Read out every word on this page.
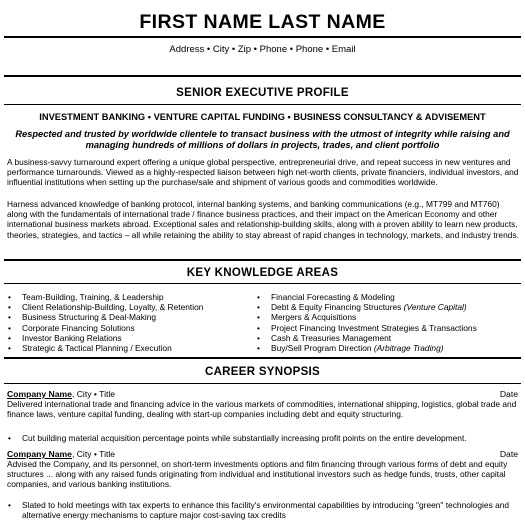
FIRST NAME LAST NAME
Address • City • Zip • Phone • Phone • Email
SENIOR EXECUTIVE PROFILE
INVESTMENT BANKING • VENTURE CAPITAL FUNDING • BUSINESS CONSULTANCY & ADVISEMENT
Respected and trusted by worldwide clientele to transact business with the utmost of integrity while raising and managing hundreds of millions of dollars in projects, trades, and client portfolio

A business-savvy turnaround expert offering a unique global perspective, entrepreneurial drive, and repeat success in new ventures and performance turnarounds. Viewed as a highly-respected liaison between high net-worth clients, private financiers, individual investors, and influential institutions when setting up the purchase/sale and shipment of various goods and commodities worldwide.

Harness advanced knowledge of banking protocol, internal banking systems, and banking communications (e.g., MT799 and MT760) along with the fundamentals of international trade / finance business practices, and their impact on the American Economy and other international business markets abroad. Exceptional sales and relationship-building skills, along with a proven ability to learn new products, theories, strategies, and tactics – all while retaining the ability to stay abreast of rapid changes in technology, markets, and industry trends.

KEY KNOWLEDGE AREAS
• Team-Building, Training, & Leadership
• Client Relationship-Building, Loyalty, & Retention
• Business Structuring & Deal-Making
• Corporate Financing Solutions
• Investor Banking Relations
• Strategic & Tactical Planning / Execution
• Financial Forecasting & Modeling
• Debt & Equity Financing Structures (Venture Capital)
• Mergers & Acquisitions
• Project Financing Investment Strategies & Transactions
• Cash & Treasuries Management
• Buy/Sell Program Direction (Arbitrage Trading)
CAREER SYNOPSIS
Company Name, City • Title	Date

Delivered international trade and financing advice in the various markets of commodities, international shipping, logistics, global trade and finance laws, venture capital funding, dealing with start-up companies including debt and equity structuring.

• Cut building material acquisition percentage points while substantially increasing profit points on the entire development.
Company Name, City • Title	Date

Advised the Company, and its personnel, on short-term investments options and film financing through various forms of debt and equity structures ... along with any raised funds originating from individual and institutional investors such as hedge funds, trusts, other capital companies, and various banking institutions.

• Slated to hold meetings with tax experts to enhance this facility's environmental capabilities by introducing "green" technologies and alternative energy mechanisms to capture major cost-saving tax credits
